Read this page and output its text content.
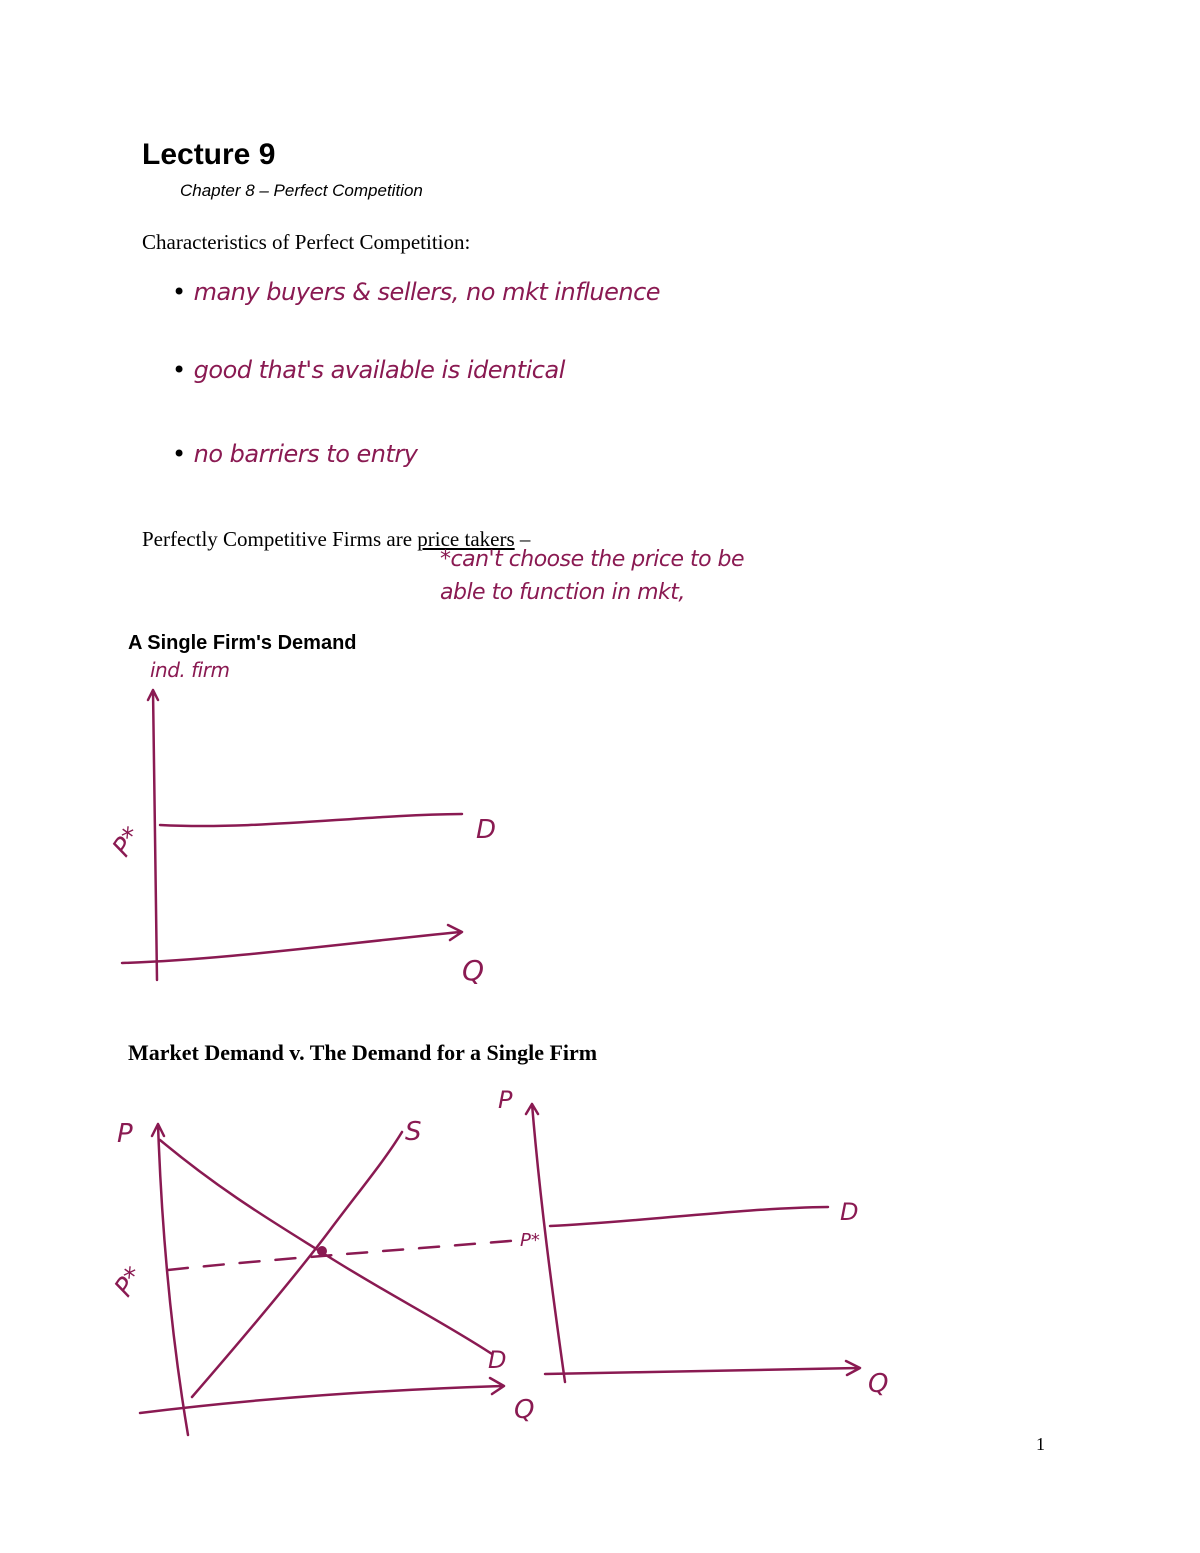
Lecture 9
Chapter 8 – Perfect Competition
Characteristics of Perfect Competition:
• many buyers & sellers, no mkt influence
• good that's available is identical
• no barriers to entry
Perfectly Competitive Firms are price takers –
*can't choose the price to be
able to function in mkt,
A Single Firm's Demand
ind. firm
Market Demand v. The Demand for a Single Firm
P*	D
Q
P	S
P*
D
Q
P
P*
D
Q
1
